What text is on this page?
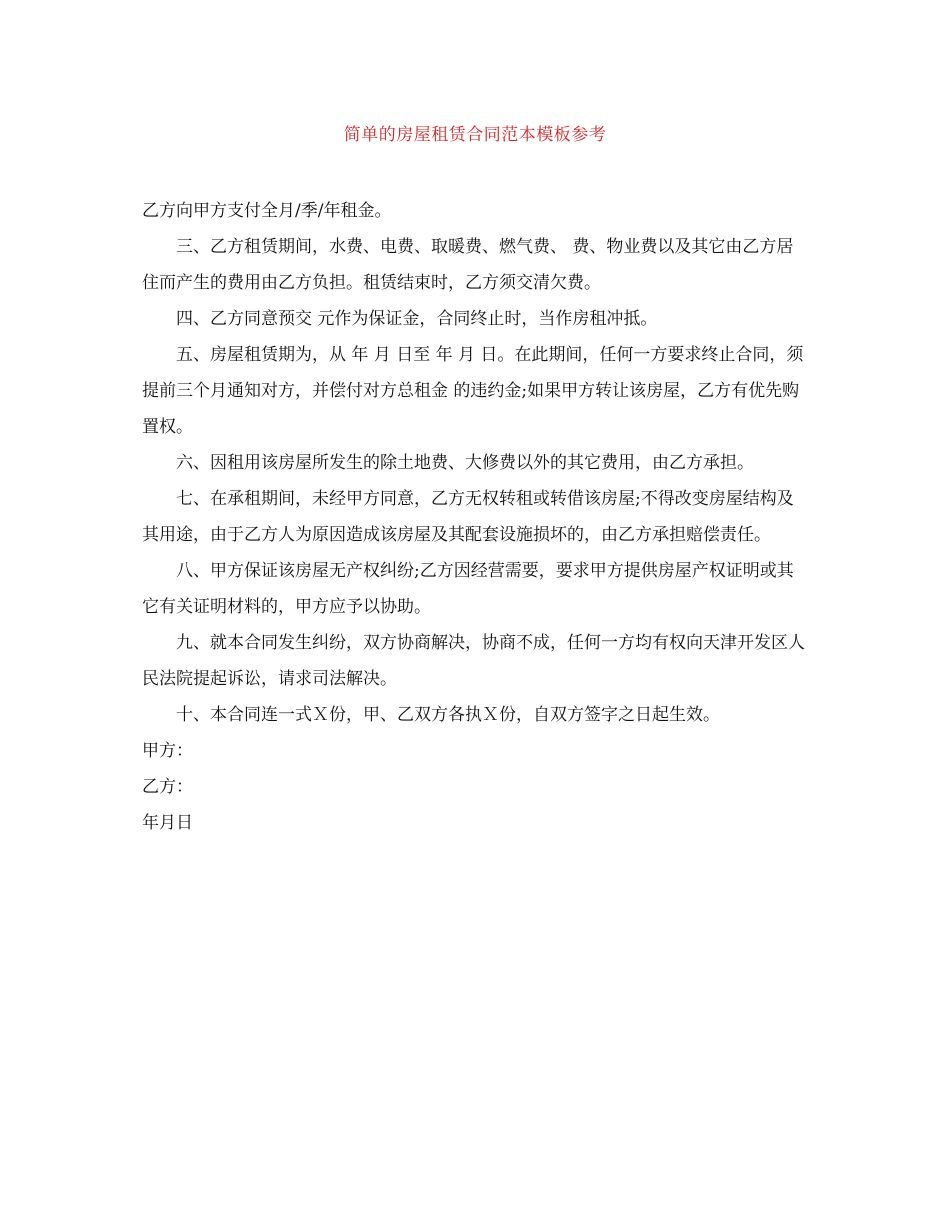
简单的房屋租赁合同范本模板参考

乙方向甲方支付全月/季/年租金。

三、乙方租赁期间，水费、电费、取暖费、燃气费、 费、物业费以及其它由乙方居住而产生的费用由乙方负担。租赁结束时，乙方须交清欠费。

四、乙方同意预交 元作为保证金，合同终止时，当作房租冲抵。

五、房屋租赁期为，从 年 月 日至 年 月 日。在此期间，任何一方要求终止合同，须提前三个月通知对方，并偿付对方总租金 的违约金;如果甲方转让该房屋，乙方有优先购置权。

六、因租用该房屋所发生的除土地费、大修费以外的其它费用，由乙方承担。

七、在承租期间，未经甲方同意，乙方无权转租或转借该房屋;不得改变房屋结构及其用途，由于乙方人为原因造成该房屋及其配套设施损坏的，由乙方承担赔偿责任。

八、甲方保证该房屋无产权纠纷;乙方因经营需要，要求甲方提供房屋产权证明或其它有关证明材料的，甲方应予以协助。

九、就本合同发生纠纷，双方协商解决，协商不成，任何一方均有权向天津开发区人民法院提起诉讼，请求司法解决。

十、本合同连一式Ｘ份，甲、乙双方各执Ｘ份，自双方签字之日起生效。

甲方：

乙方：

年月日
